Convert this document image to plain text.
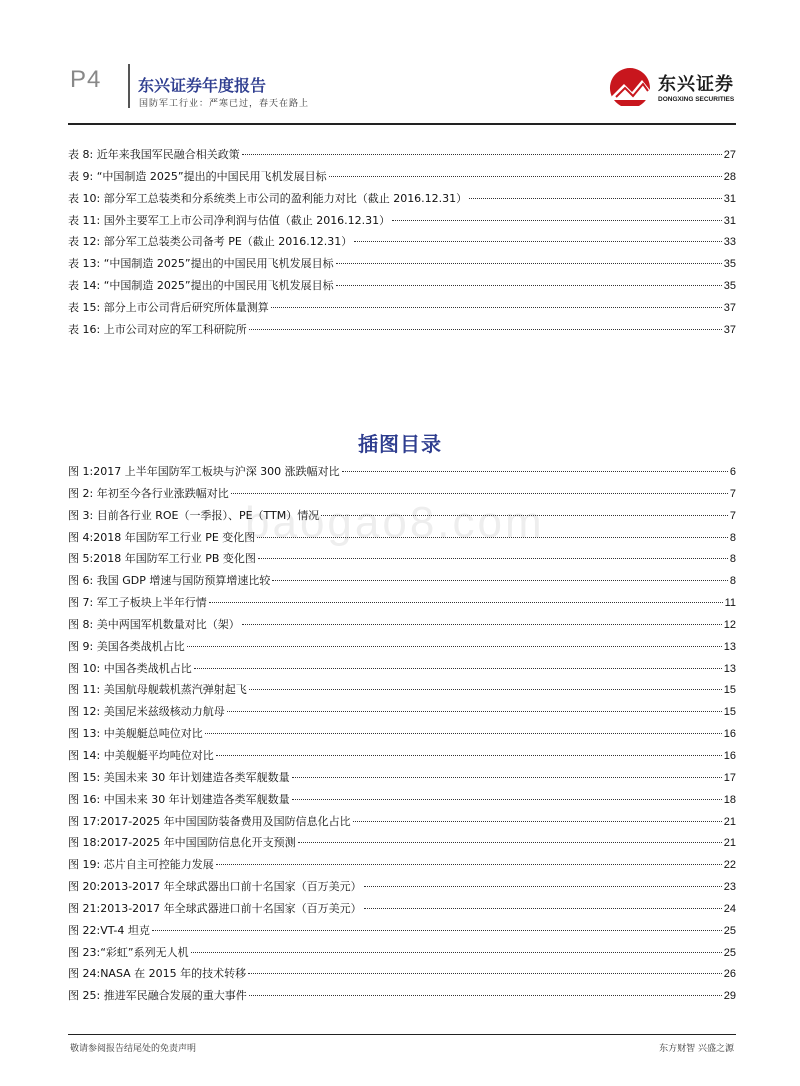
P4 东兴证券年度报告
国防军工行业：严寒已过，春天在路上
东兴证券
DONGXING SECURITIES
表 8: 近年来我国军民融合相关政策	27
表 9: “中国制造 2025”提出的中国民用飞机发展目标	28
表 10: 部分军工总装类和分系统类上市公司的盈利能力对比（截止 2016.12.31）	31
表 11: 国外主要军工上市公司净利润与估值（截止 2016.12.31）	31
表 12: 部分军工总装类公司备考 PE（截止 2016.12.31）	33
表 13: “中国制造 2025”提出的中国民用飞机发展目标	35
表 14: “中国制造 2025”提出的中国民用飞机发展目标	35
表 15: 部分上市公司背后研究所体量测算	37
表 16: 上市公司对应的军工科研院所	37
插图目录
baogao8.com
图 1:2017 上半年国防军工板块与沪深 300 涨跌幅对比	6
图 2: 年初至今各行业涨跌幅对比	7
图 3: 目前各行业 ROE（一季报）、PE（TTM）情况	7
图 4:2018 年国防军工行业 PE 变化图	8
图 5:2018 年国防军工行业 PB 变化图	8
图 6: 我国 GDP 增速与国防预算增速比较	8
图 7: 军工子板块上半年行情	11
图 8: 美中两国军机数量对比（架）	12
图 9: 美国各类战机占比	13
图 10: 中国各类战机占比	13
图 11: 美国航母舰载机蒸汽弹射起飞	15
图 12: 美国尼米兹级核动力航母	15
图 13: 中美舰艇总吨位对比	16
图 14: 中美舰艇平均吨位对比	16
图 15: 美国未来 30 年计划建造各类军舰数量	17
图 16: 中国未来 30 年计划建造各类军舰数量	18
图 17:2017-2025 年中国国防装备费用及国防信息化占比	21
图 18:2017-2025 年中国国防信息化开支预测	21
图 19: 芯片自主可控能力发展	22
图 20:2013-2017 年全球武器出口前十名国家（百万美元）	23
图 21:2013-2017 年全球武器进口前十名国家（百万美元）	24
图 22:VT-4 坦克	25
图 23:“彩虹”系列无人机	25
图 24:NASA 在 2015 年的技术转移	26
图 25: 推进军民融合发展的重大事件	29
敬请参阅报告结尾处的免责声明	东方财智 兴盛之源
